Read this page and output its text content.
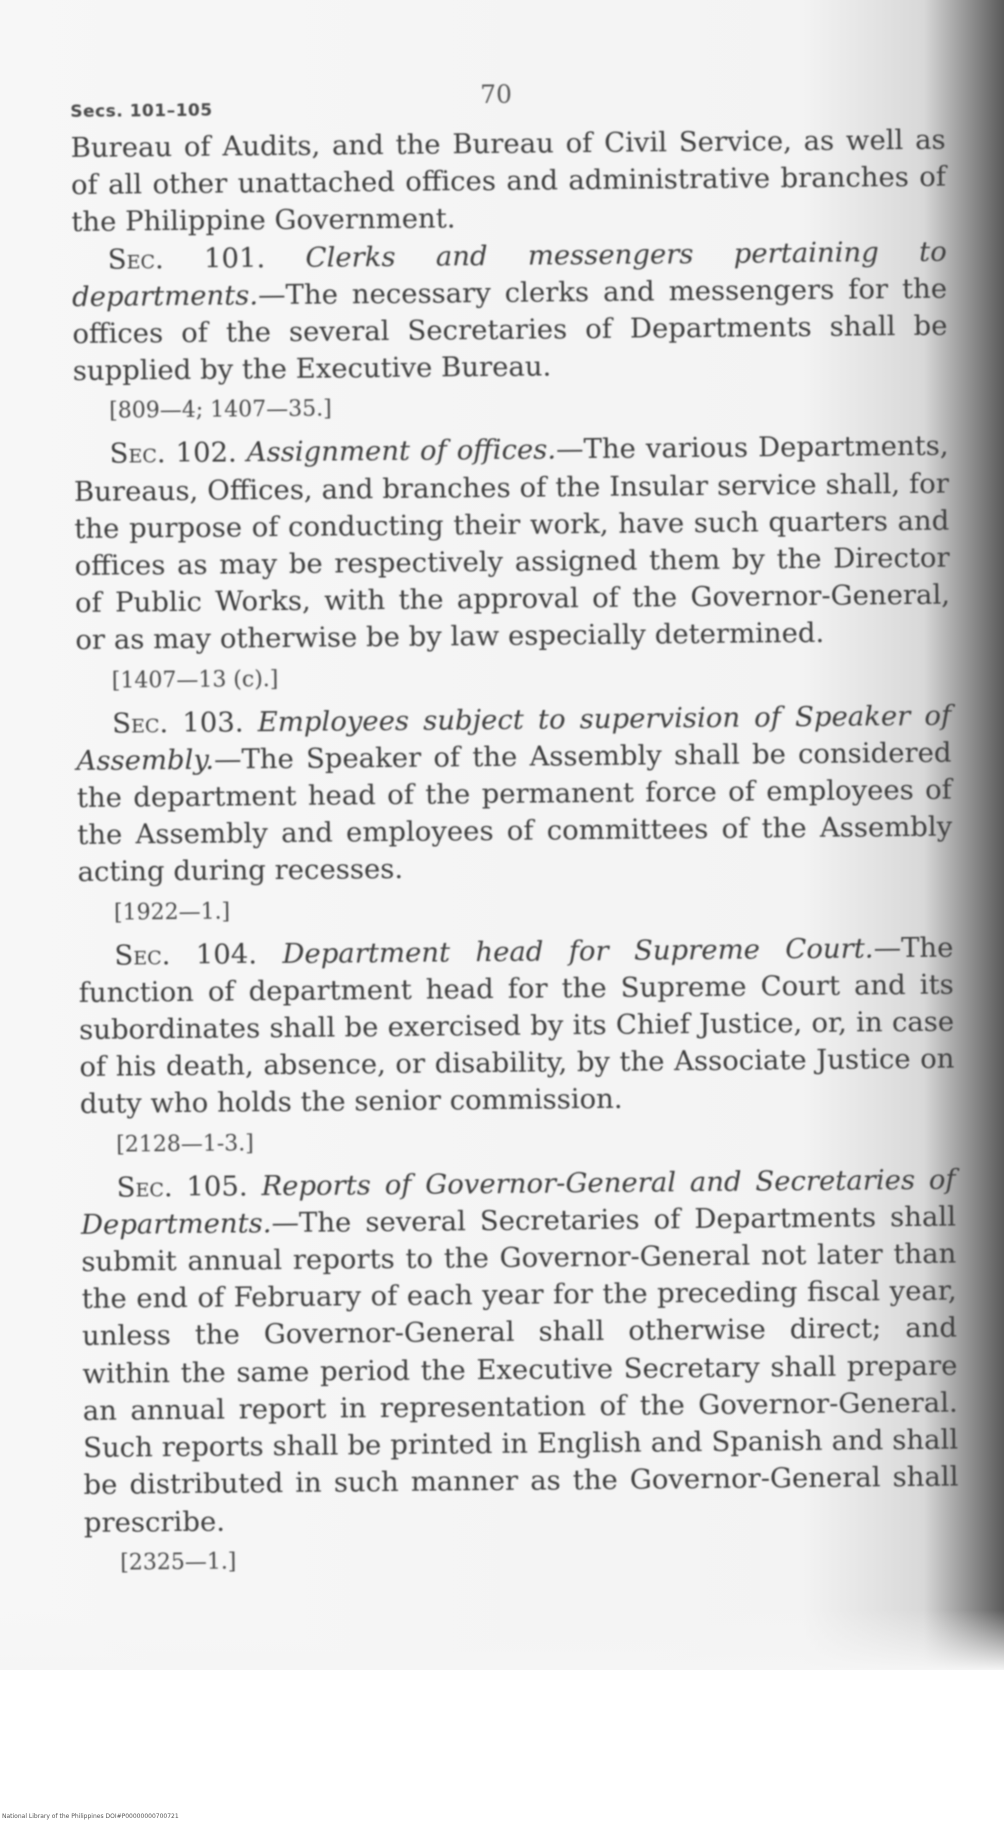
Secs. 101–105
70

Bureau of Audits, and the Bureau of Civil Service, as well as of all other unattached offices and administrative branches of the Philippine Government.

Sec. 101. Clerks and messengers pertaining to departments.—The necessary clerks and messengers for the offices of the several Secretaries of Departments shall be supplied by the Executive Bureau.

[809—4; 1407—35.]

Sec. 102. Assignment of offices.—The various Departments, Bureaus, Offices, and branches of the Insular service shall, for the purpose of conducting their work, have such quarters and offices as may be respectively assigned them by the Director of Public Works, with the approval of the Governor-General, or as may otherwise be by law especially determined.

[1407—13 (c).]

Sec. 103. Employees subject to supervision of Speaker of Assembly.—The Speaker of the Assembly shall be considered the department head of the permanent force of employees of the Assembly and employees of committees of the Assembly acting during recesses.

[1922—1.]

Sec. 104. Department head for Supreme Court.—The function of department head for the Supreme Court and its subordinates shall be exercised by its Chief Justice, or, in case of his death, absence, or disability, by the Associate Justice on duty who holds the senior commission.

[2128—1-3.]

Sec. 105. Reports of Governor-General and Secretaries of Departments.—The several Secretaries of Departments shall submit annual reports to the Governor-General not later than the end of February of each year for the preceding fiscal year, unless the Governor-General shall otherwise direct; and within the same period the Executive Secretary shall prepare an annual report in representation of the Governor-General. Such reports shall be printed in English and Spanish and shall be distributed in such manner as the Governor-General shall prescribe.

[2325—1.]
National Library of the Philippines DOI#P00000000700721
